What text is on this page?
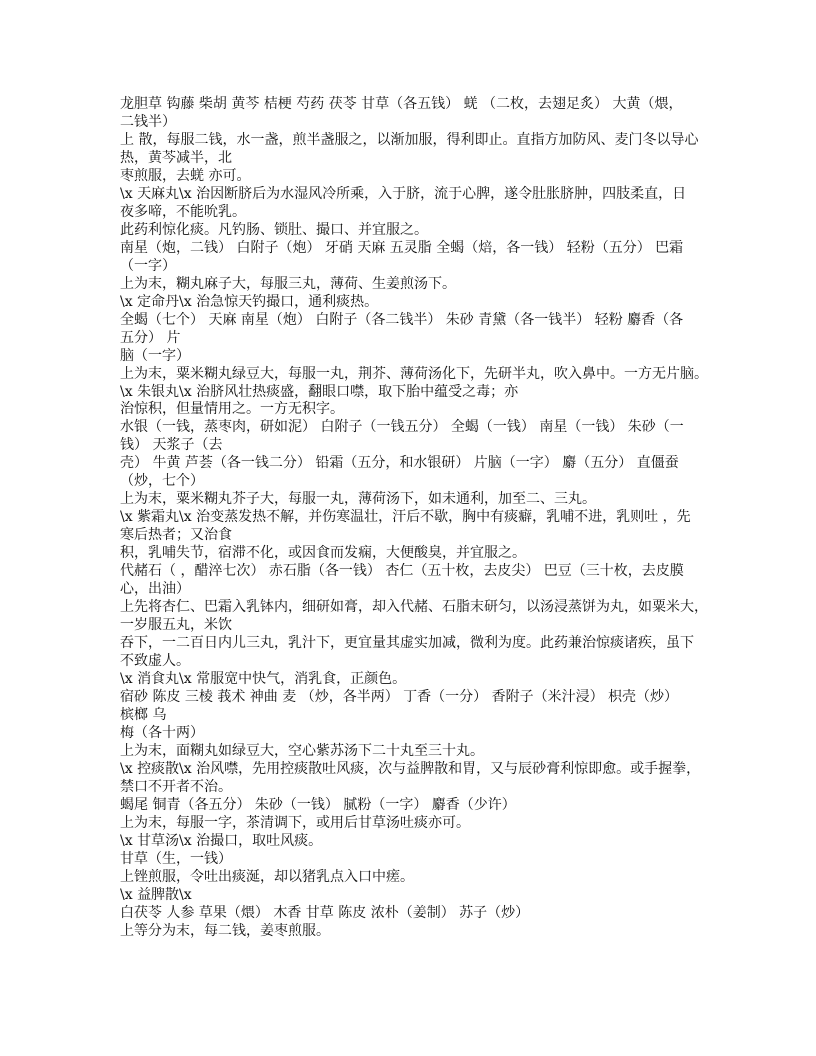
龙胆草 钩藤 柴胡 黄芩 桔梗 芍药 茯苓 甘草（各五钱） 蜣 （二枚，去翅足炙） 大黄（煨，
二钱半）
上 散，每服二钱，水一盏，煎半盏服之，以渐加服，得利即止。直指方加防风、麦门冬以导心
热，黄芩减半，北
枣煎服，去蜣 亦可。
\x 天麻丸\x 治因断脐后为水湿风冷所乘，入于脐，流于心脾，遂令肚胀脐肿，四肢柔直，日
夜多啼，不能吮乳。
此药利惊化痰。凡钓肠、锁肚、撮口、并宜服之。
南星（炮，二钱） 白附子（炮） 牙硝 天麻 五灵脂 全蝎（焙，各一钱） 轻粉（五分） 巴霜
（一字）
上为末，糊丸麻子大，每服三丸，薄荷、生姜煎汤下。
\x 定命丹\x 治急惊天钓撮口，通利痰热。
全蝎（七个） 天麻 南星（炮） 白附子（各二钱半） 朱砂 青黛（各一钱半） 轻粉 麝香（各
五分） 片
脑（一字）
上为末，粟米糊丸绿豆大，每服一丸，荆芥、薄荷汤化下，先研半丸，吹入鼻中。一方无片脑。
\x 朱银丸\x 治脐风壮热痰盛，翻眼口噤，取下胎中蕴受之毒；亦
治惊积，但量情用之。一方无积字。
水银（一钱，蒸枣肉，研如泥） 白附子（一钱五分） 全蝎（一钱） 南星（一钱） 朱砂（一
钱） 天浆子（去
壳） 牛黄 芦荟（各一钱二分） 铅霜（五分，和水银研） 片脑（一字） 麝（五分） 直僵蚕
（炒，七个）
上为末，粟米糊丸芥子大，每服一丸，薄荷汤下，如未通利，加至二、三丸。
\x 紫霜丸\x 治变蒸发热不解，并伤寒温壮，汗后不歇，胸中有痰癖，乳哺不进，乳则吐 ，先
寒后热者；又治食
积，乳哺失节，宿滞不化，或因食而发痫，大便酸臭，并宜服之。
代赭石（ ，醋淬七次） 赤石脂（各一钱） 杏仁（五十枚，去皮尖） 巴豆（三十枚，去皮膜
心，出油）
上先将杏仁、巴霜入乳钵内，细研如膏，却入代赭、石脂末研匀，以汤浸蒸饼为丸，如粟米大，
一岁服五丸，米饮
吞下，一二百日内儿三丸，乳汁下，更宜量其虚实加减，微利为度。此药兼治惊痰诸疾，虽下
不致虚人。
\x 消食丸\x 常服宽中快气，消乳食，正颜色。
宿砂 陈皮 三棱 莪术 神曲 麦 （炒，各半两） 丁香（一分） 香附子（米汁浸） 枳壳（炒）
槟榔 乌
梅（各十两）
上为末，面糊丸如绿豆大，空心紫苏汤下二十丸至三十丸。
\x 控痰散\x 治风噤，先用控痰散吐风痰，次与益脾散和胃，又与辰砂膏利惊即愈。或手握拳，
禁口不开者不治。
蝎尾 铜青（各五分） 朱砂（一钱） 腻粉（一字） 麝香（少许）
上为末，每服一字，茶清调下，或用后甘草汤吐痰亦可。
\x 甘草汤\x 治撮口，取吐风痰。
甘草（生，一钱）
上锉煎服，令吐出痰涎，却以猪乳点入口中瘥。
\x 益脾散\x
白茯苓 人参 草果（煨） 木香 甘草 陈皮 浓朴（姜制） 苏子（炒）
上等分为末，每二钱，姜枣煎服。
